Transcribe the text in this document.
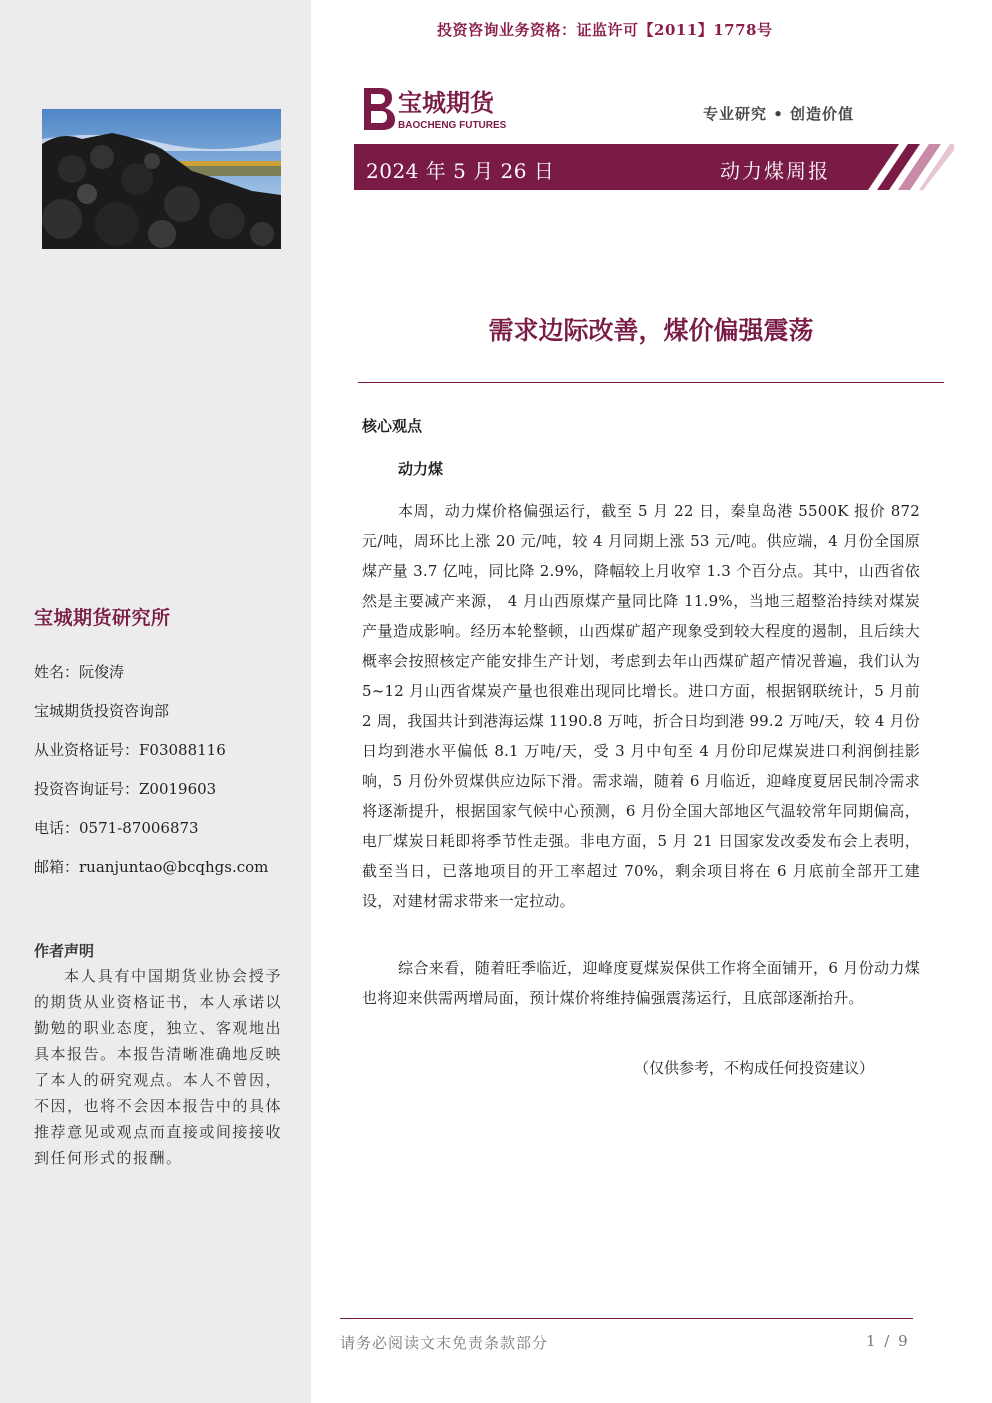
宝城期货研究所
姓名：阮俊涛
宝城期货投资咨询部
从业资格证号：F03088116
投资咨询证号：Z0019603
电话：0571-87006873
邮箱：ruanjuntao@bcqhgs.com
作者声明
本人具有中国期货业协会授予的期货从业资格证书，本人承诺以勤勉的职业态度，独立、客观地出具本报告。本报告清晰准确地反映了本人的研究观点。本人不曾因，不因，也将不会因本报告中的具体推荐意见或观点而直接或间接接收到任何形式的报酬。
投资咨询业务资格：证监许可【2011】1778号
宝城期货
BAOCHENG FUTURES
专业研究 • 创造价值
2024 年 5 月 26 日	动力煤周报
需求边际改善，煤价偏强震荡
核心观点
动力煤
本周，动力煤价格偏强运行，截至 5 月 22 日，秦皇岛港 5500K 报价 872 元/吨，周环比上涨 20 元/吨，较 4 月同期上涨 53 元/吨。供应端，4 月份全国原煤产量 3.7 亿吨，同比降 2.9%，降幅较上月收窄 1.3 个百分点。其中，山西省依然是主要减产来源， 4 月山西原煤产量同比降 11.9%，当地三超整治持续对煤炭产量造成影响。经历本轮整顿，山西煤矿超产现象受到较大程度的遏制，且后续大概率会按照核定产能安排生产计划，考虑到去年山西煤矿超产情况普遍，我们认为 5~12 月山西省煤炭产量也很难出现同比增长。进口方面，根据钢联统计，5 月前 2 周，我国共计到港海运煤 1190.8 万吨，折合日均到港 99.2 万吨/天，较 4 月份日均到港水平偏低 8.1 万吨/天，受 3 月中旬至 4 月份印尼煤炭进口利润倒挂影响，5 月份外贸煤供应边际下滑。需求端，随着 6 月临近，迎峰度夏居民制冷需求将逐渐提升，根据国家气候中心预测，6 月份全国大部地区气温较常年同期偏高，电厂煤炭日耗即将季节性走强。非电方面，5 月 21 日国家发改委发布会上表明，截至当日，已落地项目的开工率超过 70%，剩余项目将在 6 月底前全部开工建设，对建材需求带来一定拉动。
综合来看，随着旺季临近，迎峰度夏煤炭保供工作将全面铺开，6 月份动力煤也将迎来供需两增局面，预计煤价将维持偏强震荡运行，且底部逐渐抬升。
（仅供参考，不构成任何投资建议）
请务必阅读文末免责条款部分	1 / 9
